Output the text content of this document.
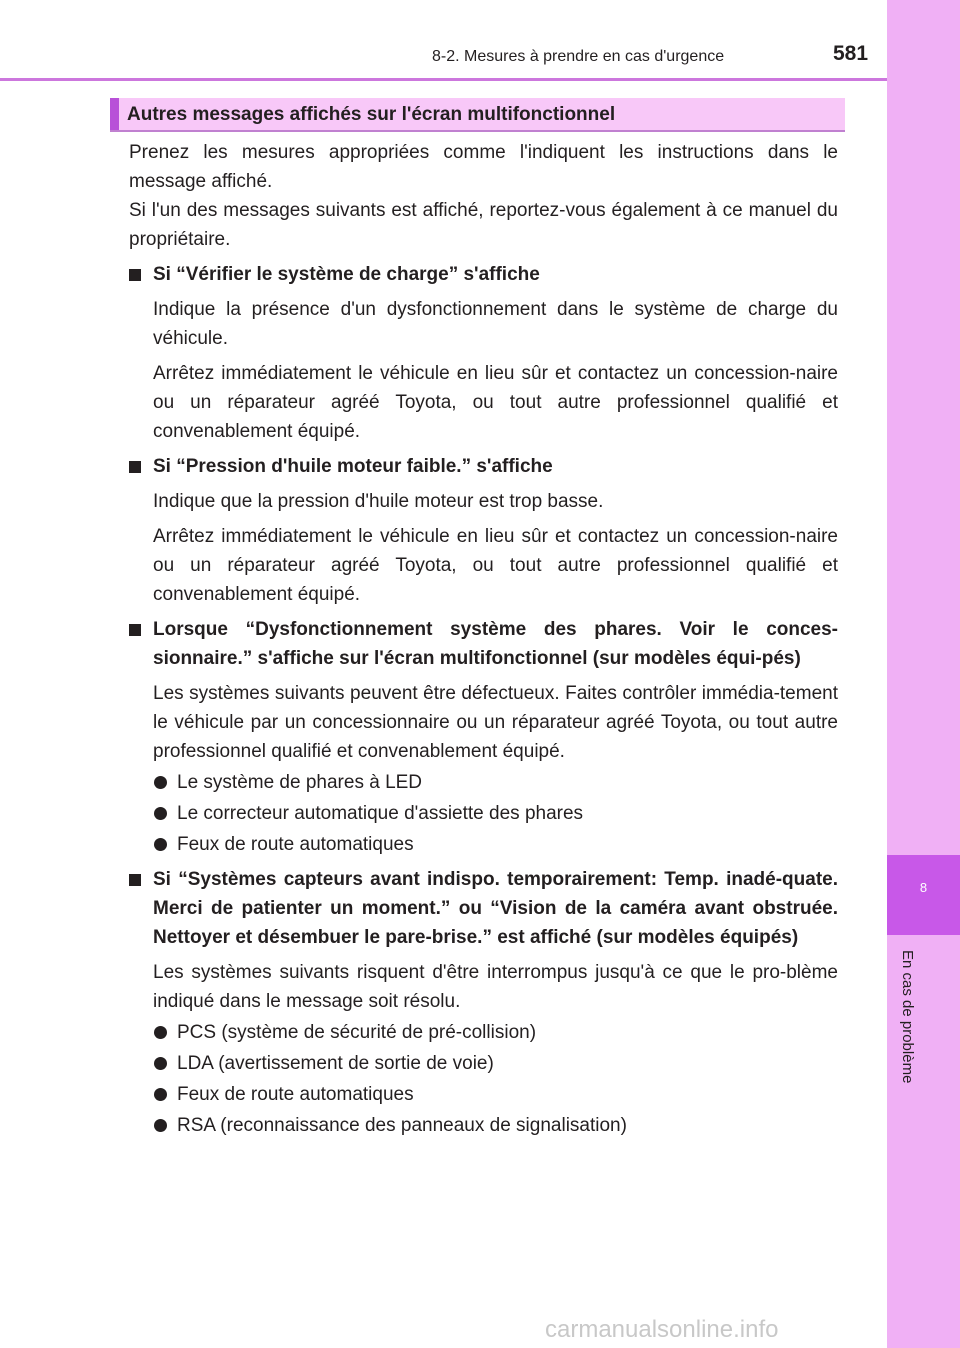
8-2. Mesures à prendre en cas d'urgence	581
8
En cas de problème
Autres messages affichés sur l'écran multifonctionnel
Prenez les mesures appropriées comme l'indiquent les instructions dans le message affiché.
Si l'un des messages suivants est affiché, reportez-vous également à ce manuel du propriétaire.
Si “Vérifier le système de charge” s'affiche
Indique la présence d'un dysfonctionnement dans le système de charge du véhicule.
Arrêtez immédiatement le véhicule en lieu sûr et contactez un concession-naire ou un réparateur agréé Toyota, ou tout autre professionnel qualifié et convenablement équipé.
Si “Pression d'huile moteur faible.” s'affiche
Indique que la pression d'huile moteur est trop basse.
Arrêtez immédiatement le véhicule en lieu sûr et contactez un concession-naire ou un réparateur agréé Toyota, ou tout autre professionnel qualifié et convenablement équipé.
Lorsque “Dysfonctionnement système des phares. Voir le conces-sionnaire.” s'affiche sur l'écran multifonctionnel (sur modèles équi-pés)
Les systèmes suivants peuvent être défectueux. Faites contrôler immédia-tement le véhicule par un concessionnaire ou un réparateur agréé Toyota, ou tout autre professionnel qualifié et convenablement équipé.
Le système de phares à LED
Le correcteur automatique d'assiette des phares
Feux de route automatiques
Si “Systèmes capteurs avant indispo. temporairement: Temp. inadé-quate. Merci de patienter un moment.” ou “Vision de la caméra avant obstruée. Nettoyer et désembuer le pare-brise.” est affiché (sur modèles équipés)
Les systèmes suivants risquent d'être interrompus jusqu'à ce que le pro-blème indiqué dans le message soit résolu.
PCS (système de sécurité de pré-collision)
LDA (avertissement de sortie de voie)
Feux de route automatiques
RSA (reconnaissance des panneaux de signalisation)
carmanualsonline.info
